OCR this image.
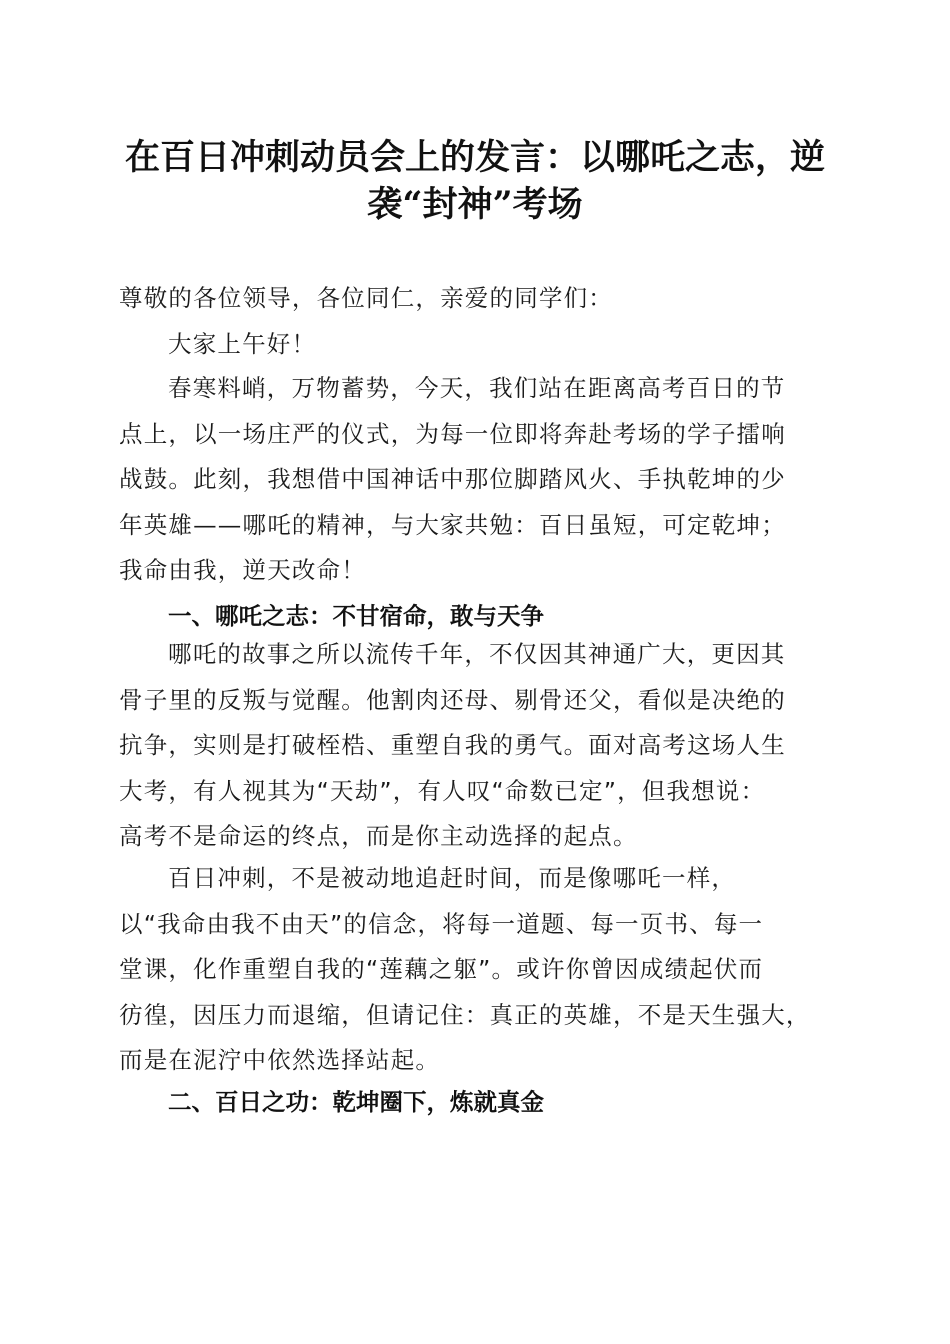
在百日冲刺动员会上的发言：以哪吒之志，逆
袭“封神”考场
尊敬的各位领导，各位同仁，亲爱的同学们：
大家上午好！
春寒料峭，万物蓄势，今天，我们站在距离高考百日的节
点上，以一场庄严的仪式，为每一位即将奔赴考场的学子擂响
战鼓。此刻，我想借中国神话中那位脚踏风火、手执乾坤的少
年英雄——哪吒的精神，与大家共勉：百日虽短，可定乾坤；
我命由我，逆天改命！
一、哪吒之志：不甘宿命，敢与天争
哪吒的故事之所以流传千年，不仅因其神通广大，更因其
骨子里的反叛与觉醒。他割肉还母、剔骨还父，看似是决绝的
抗争，实则是打破桎梏、重塑自我的勇气。面对高考这场人生
大考，有人视其为“天劫”，有人叹“命数已定”，但我想说：
高考不是命运的终点，而是你主动选择的起点。
百日冲刺，不是被动地追赶时间，而是像哪吒一样，
以“我命由我不由天”的信念，将每一道题、每一页书、每一
堂课，化作重塑自我的“莲藕之躯”。或许你曾因成绩起伏而
彷徨，因压力而退缩，但请记住：真正的英雄，不是天生强大，
而是在泥泞中依然选择站起。
二、百日之功：乾坤圈下，炼就真金
